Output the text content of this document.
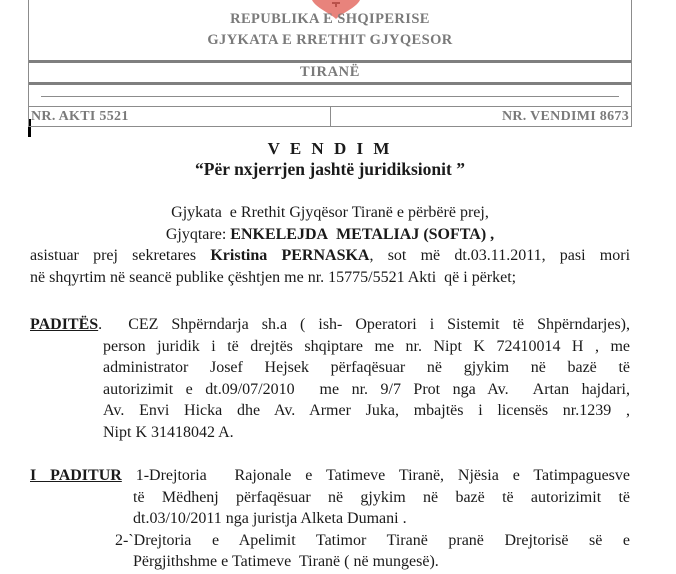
REPUBLIKA E SHQIPERISE
GJYKATA E RRETHIT GJYQESOR
TIRANË
NR. AKTI 5521	NR. VENDIMI 8673
V E N D I M
“Për nxjerrjen jashtë juridiksionit ”
Gjykata  e Rrethit Gjyqësor Tiranë e përbërë prej,
Gjyqtare: ENKELEJDA  METALIAJ (SOFTA) ,
asistuar prej sekretares Kristina PERNASKA, sot më dt.03.11.2011, pasi mori
në shqyrtim në seancë publike çështjen me nr. 15775/5521 Akti  që i përket;
PADITËS.  CEZ Shpërndarja sh.a ( ish- Operatori i Sistemit të Shpërndarjes),
person juridik i të drejtës shqiptare me nr. Nipt K 72410014 H , me
administrator Josef Hejsek përfaqësuar në gjykim në bazë të
autorizimit e dt.09/07/2010  me nr. 9/7 Prot nga Av.  Artan hajdari,
Av. Envi Hicka dhe Av. Armer Juka, mbajtës i licensës nr.1239 ,
Nipt K 31418042 A.
I PADITUR 1-Drejtoria  Rajonale e Tatimeve Tiranë, Njësia e Tatimpaguesve
të Mëdhenj përfaqësuar në gjykim në bazë të autorizimit të
dt.03/10/2011 nga juristja Alketa Dumani .
2-`Drejtoria e Apelimit Tatimor Tiranë pranë Drejtorisë së e
Përgjithshme e Tatimeve  Tiranë ( në mungesë).
